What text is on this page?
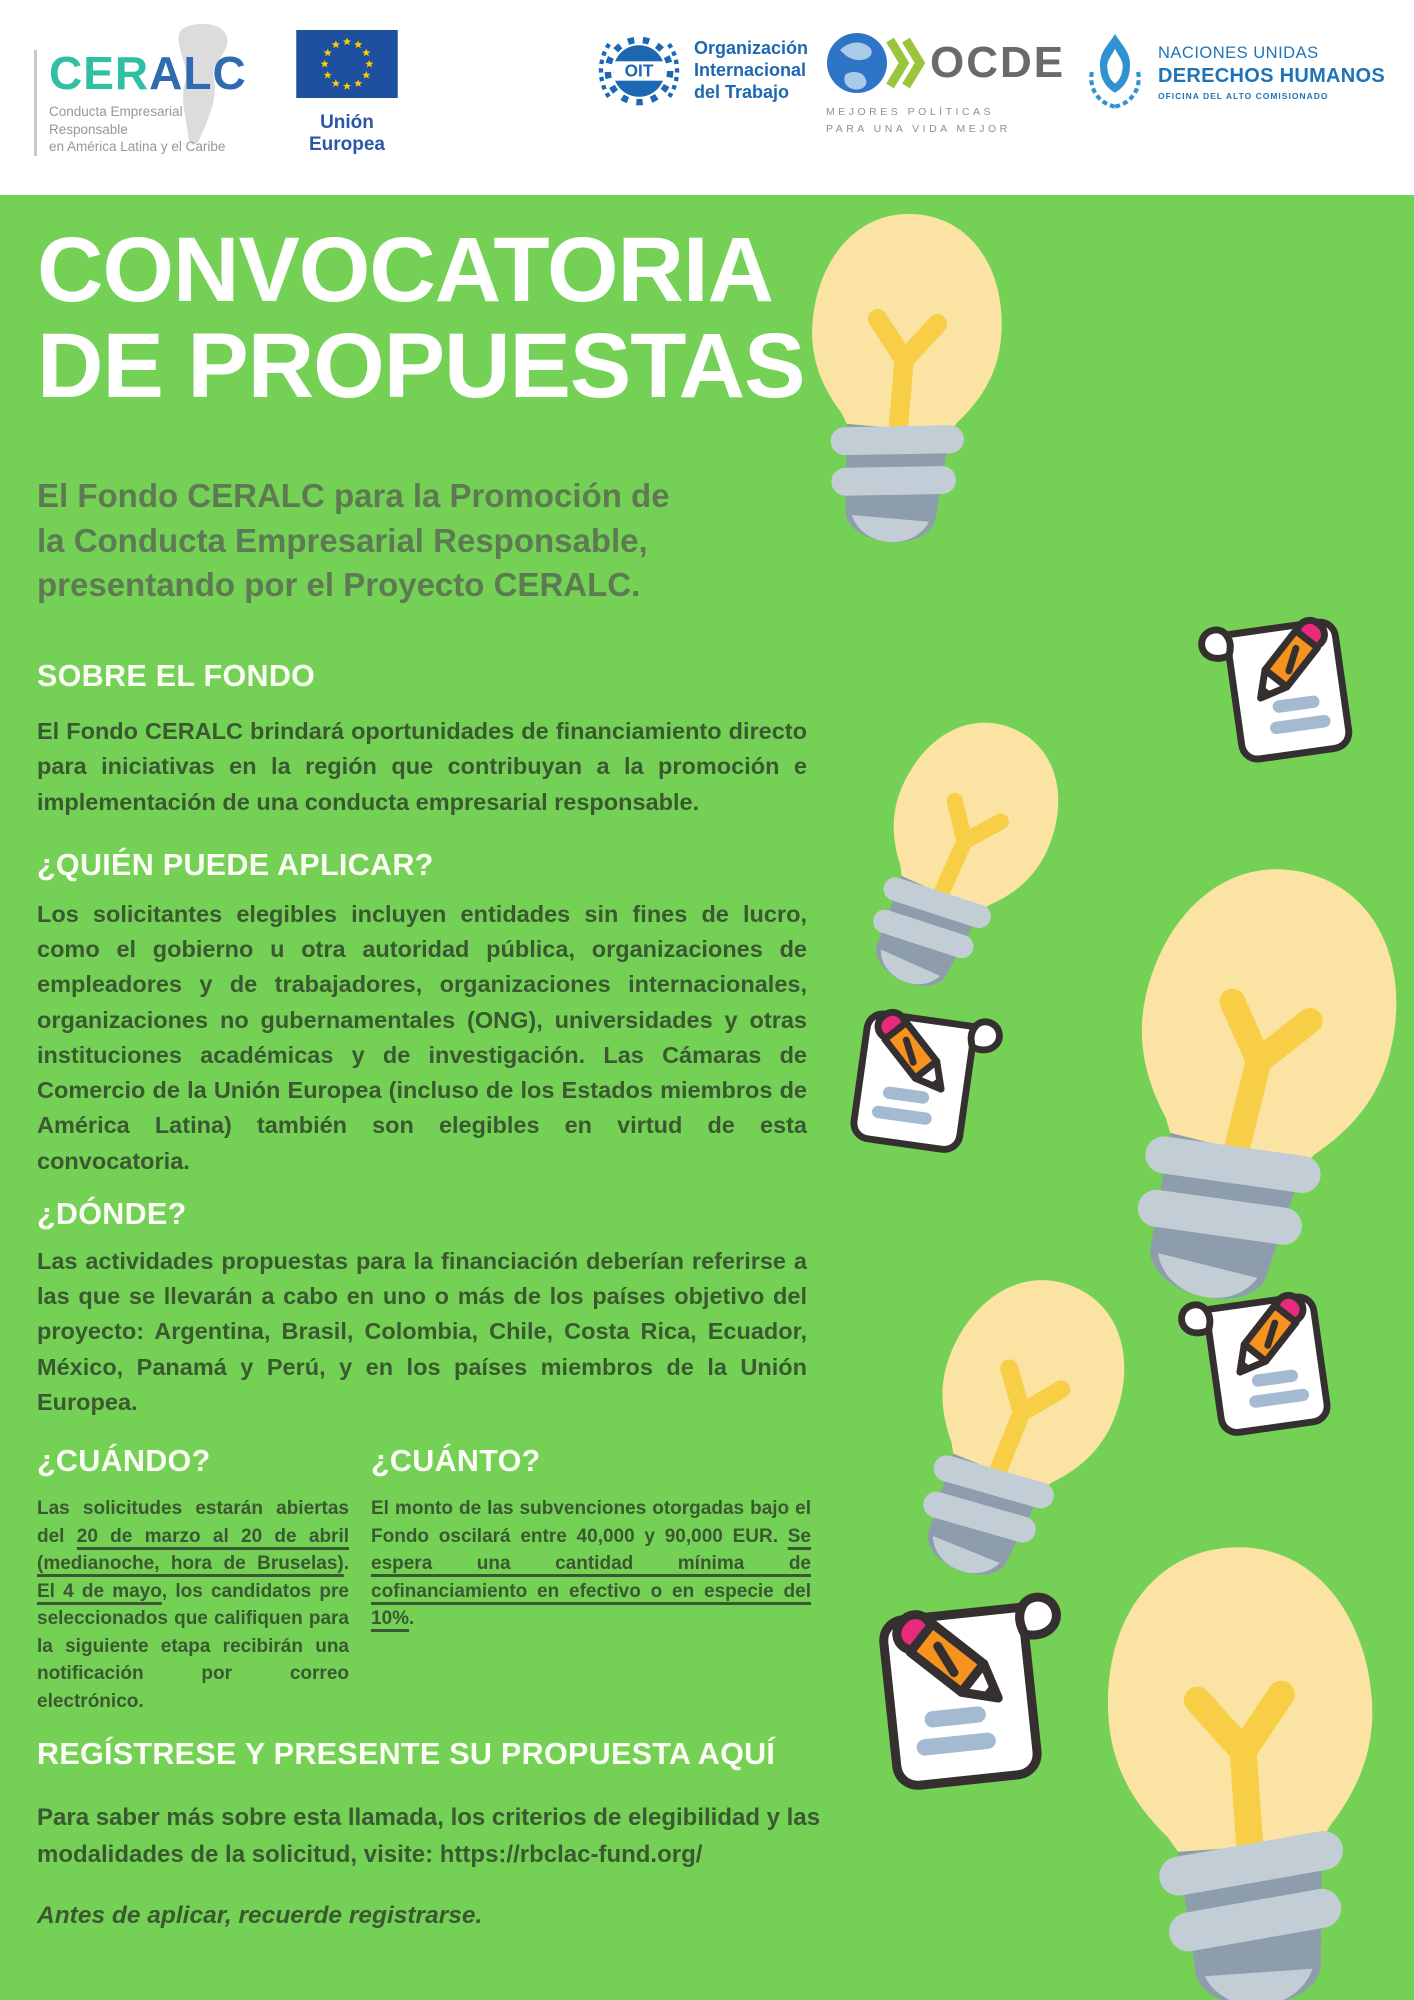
CERALC
Conducta Empresarial Responsable
en América Latina y el Caribe
Unión Europea
OIT
Organización
Internacional
del Trabajo
OCDE
MEJORES POLÍTICAS
PARA UNA VIDA MEJOR
NACIONES UNIDAS
DERECHOS HUMANOS
OFICINA DEL ALTO COMISIONADO
CONVOCATORIA
DE PROPUESTAS

El Fondo CERALC para la Promoción de la Conducta Empresarial Responsable, presentando por el Proyecto CERALC.

SOBRE EL FONDO

El Fondo CERALC brindará oportunidades de financiamiento directo para iniciativas en la región que contribuyan a la promoción e implementación de una conducta empresarial responsable.

¿QUIÉN PUEDE APLICAR?

Los solicitantes elegibles incluyen entidades sin fines de lucro, como el gobierno u otra autoridad pública, organizaciones de empleadores y de trabajadores, organizaciones internacionales, organizaciones no gubernamentales (ONG), universidades y otras instituciones académicas y de investigación. Las Cámaras de Comercio de la Unión Europea (incluso de los Estados miembros de América Latina) también son elegibles en virtud de esta convocatoria.

¿DÓNDE?

Las actividades propuestas para la financiación deberían referirse a las que se llevarán a cabo en uno o más de los países objetivo del proyecto: Argentina, Brasil, Colombia, Chile, Costa Rica, Ecuador, México, Panamá y Perú, y en los países miembros de la Unión Europea.

¿CUÁNDO?

Las solicitudes estarán abiertas del 20 de marzo al 20 de abril (medianoche, hora de Bruselas). El 4 de mayo, los candidatos pre seleccionados que califiquen para la siguiente etapa recibirán una notificación por correo electrónico.

¿CUÁNTO?

El monto de las subvenciones otorgadas bajo el Fondo oscilará entre 40,000 y 90,000 EUR. Se espera una cantidad mínima de cofinanciamiento en efectivo o en especie del 10%.

REGÍSTRESE Y PRESENTE SU PROPUESTA AQUÍ

Para saber más sobre esta llamada, los criterios de elegibilidad y las modalidades de la solicitud, visite: https://rbclac-fund.org/

Antes de aplicar, recuerde registrarse.
